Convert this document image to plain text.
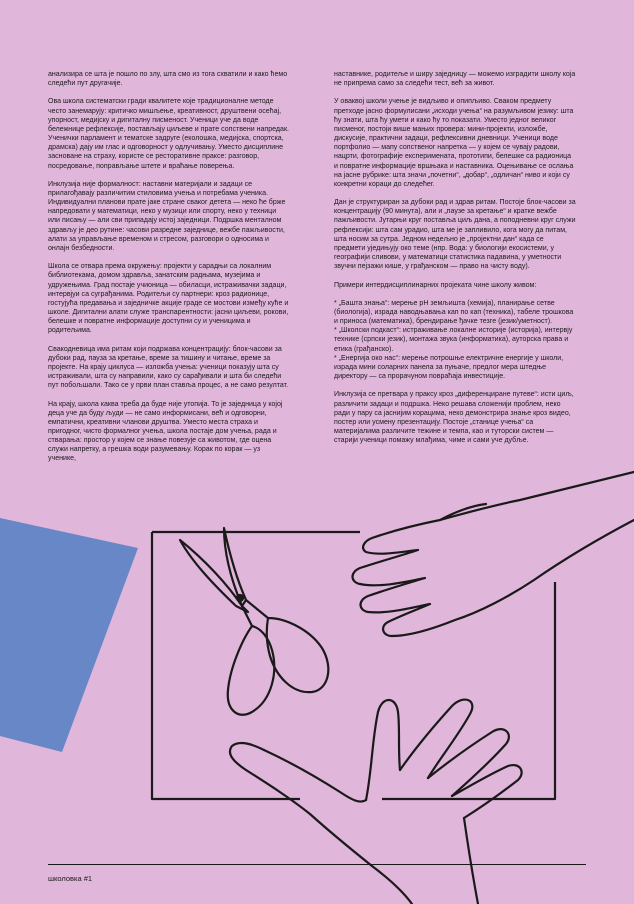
анализира се шта је пошло по злу, шта смо из тога схватили и како ћемо следећи пут другачије.

Ова школа систематски гради квалитете које традиционалне методе често занемарују: критичко мишљење, креативност, друштвени осећај, упорност, медијску и дигиталну писменост. Ученици уче да воде бележнице рефлексије, постављају циљеве и прате сопствени напредак. Ученички парламент и тематске задруге (еколошка, медијска, спортска, драмска) дају им глас и одговорност у одлучивању. Уместо дисциплине засноване на страху, користе се ресторативне праксе: разговор, посредовање, поправљање штете и враћање поверења.

Инклузија није формалност: наставни материјали и задаци се прилагођавају различитим стиловима учења и потребама ученика. Индивидуални планови прате јаке стране сваког детета — неко ће брже напредовати у математици, неко у музици или спорту, неко у техници или писању — али сви припадају истој заједници. Подршка менталном здрављу је део рутине: часови разредне заједнице, вежбе пажљивости, алати за управљање временом и стресом, разговори о односима и онлајн безбедности.

Школа се отвара према окружењу: пројекти у сарадњи са локалним библиотекама, домом здравља, занатским радњама, музејима и удружењима. Град постаје учионица — обиласци, истраживачки задаци, интервјуи са суграђанима. Родитељи су партнери: кроз радионице, гостујућа предавања и заједничке акције граде се мостови између куће и школе. Дигитални алати служе транспарентности: јасни циљеви, рокови, белешке и повратне информације доступни су и ученицима и родитељима.

Свакодневица има ритам који подржава концентрацију: блок-часови за дубоки рад, пауза за кретање, време за тишину и читање, време за пројекте. На крају циклуса — изложба учења: ученици показују шта су истраживали, шта су направили, како су сарађивали и шта би следећи пут побољшали. Тако се у први план ставља процес, а не само резултат.

На крају, школа каква треба да буде није утопија. То је заједница у којој деца уче да буду људи — не само информисани, већ и одговорни, емпатични, креативни чланови друштва. Уместо места страха и пригодног, чисто формалног учења, школа постаје дом учења, рада и стварања: простор у којем се знање повезује са животом, где оцена служи напретку, а грешка води разумевању. Корак по корак — уз ученике,

наставнике, родитеље и ширу заједницу — можемо изградити школу која не припрема само за следећи тест, већ за живот.

У оваквој школи учење је видљиво и опипљиво. Сваком предмету претходе јасно формулисани „исходи учења“ на разумљивом језику: шта ћу знати, шта ћу умети и како ћу то показати. Уместо једног великог писменог, постоји више мањих провера: мини-пројекти, изложбе, дискусије, практични задаци, рефлексивни дневници. Ученици воде портфолио — мапу сопственог напретка — у којем се чувају радови, нацрти, фотографије експеримената, прототипи, белешке са радионица и повратне информације вршњака и наставника. Оцењивање се ослања на јасне рубрике: шта значи „почетни“, „добар“, „одличан“ ниво и који су конкретни кораци до следећег.

Дан је структуриран за дубоки рад и здрав ритам. Постоје блок-часови за концентрацију (90 минута), али и „паузе за кретање“ и кратке вежбе пажљивости. Јутарњи круг поставља циљ дана, а поподневни круг служи рефлексији: шта сам урадио, шта ме је запливило, кога могу да питам, шта носим за сутра. Једном недељно је „пројектни дан“ када се предмети уједињују око теме (нпр. Вода: у биологији екосистеми, у географији сливови, у математици статистика падавина, у уметности звучни пејзажи кише, у грађанском — право на чисту воду).

Примери интердисциплинарних пројеката чине школу живом:

* „Башта знања“: мерење pH земљишта (хемија), планирање сетве (биологија), израда наводњавања кап по кап (техника), табеле трошкова и приноса (математика), брендирање ђачке тезге (језик/уметност).

* „Школски подкаст“: истраживање локалне историје (историја), интервју технике (српски језик), монтажа звука (информатика), ауторска права и етика (грађанско).

* „Енергија око нас“: мерење потрошње електричне енергије у школи, израда мини соларних панела за пуњаче, предлог мера штедње директору — са прорачуном повраћаја инвестиције.

Инклузија се претвара у праксу кроз „диференциране путеве“: исти циљ, различити задаци и подршка. Неко решава сложенији проблем, неко ради у пару са јаснијим корацима, неко демонстрира знање кроз видео, постер или усмену презентацију. Постоје „станице учења“ са материјалима различите тежине и темпа, као и туторски систем — старији ученици помажу млађима, чиме и сами уче дубље.

школовка #1
